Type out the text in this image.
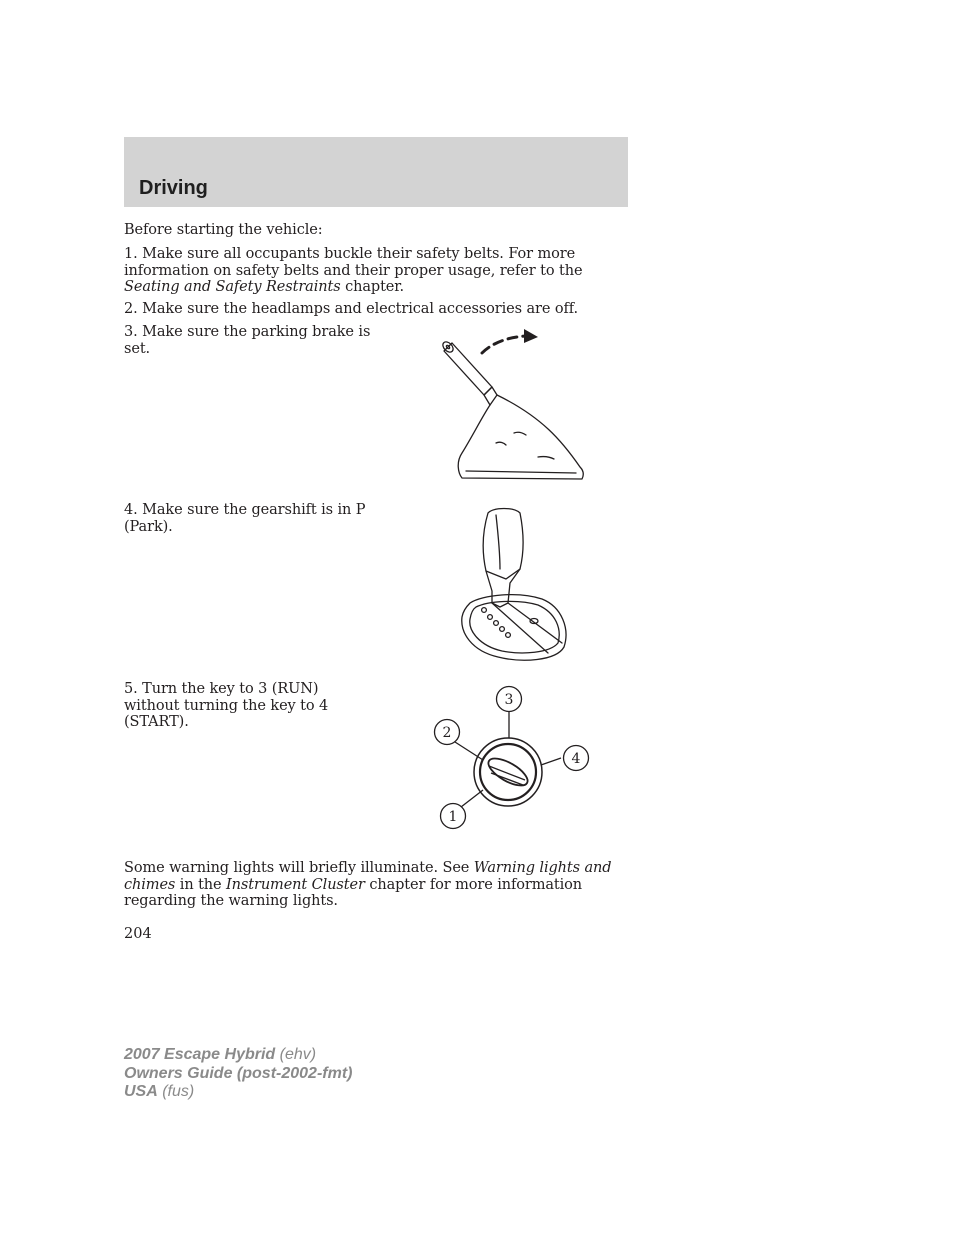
Driving

Before starting the vehicle:

1. Make sure all occupants buckle their safety belts. For more information on safety belts and their proper usage, refer to the Seating and Safety Restraints chapter.

2. Make sure the headlamps and electrical accessories are off.

3. Make sure the parking brake is set.

4. Make sure the gearshift is in P (Park).

5. Turn the key to 3 (RUN) without turning the key to 4 (START).

1
2
3
4

Some warning lights will briefly illuminate. See Warning lights and chimes in the Instrument Cluster chapter for more information regarding the warning lights.

204

2007 Escape Hybrid (ehv)
Owners Guide (post-2002-fmt)
USA (fus)
